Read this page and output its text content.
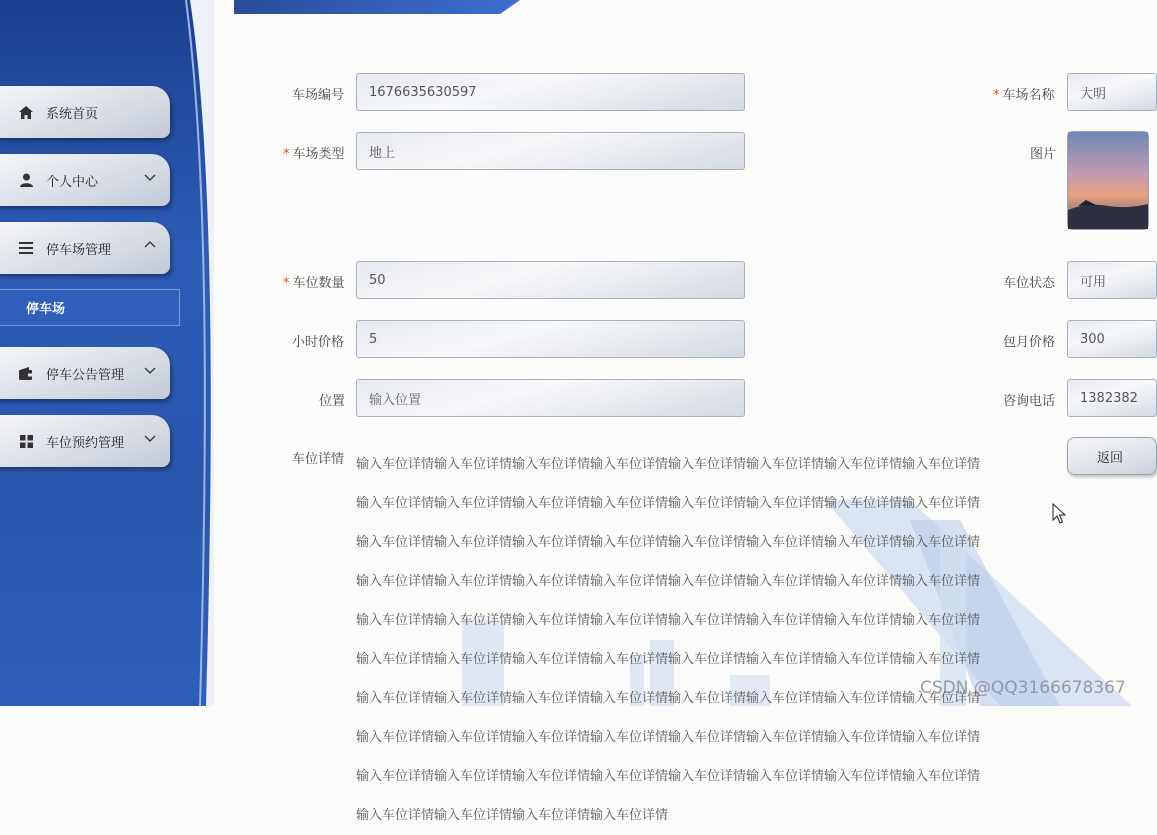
系统首页
个人中心
停车场管理
停车场
停车公告管理
车位预约管理
车场编号 1676635630597	* 车场名称 大明
* 车场类型 地上	图片
* 车位数量 50	车位状态 可用
小时价格 5	包月价格 300
位置 输入位置	咨询电话 1382382
车位详情 输入车位详情输入车位详情输入车位详情输入车位详情输入车位详情输入车位详情输入车位详情输入车位详情输入车位详情输入车位详情输入车位详情输入车位详情输入车位详情输入车位详情输入车位详情输入车位详情输入车位详情输入车位详情输入车位详情输入车位详情输入车位详情输入车位详情输入车位详情输入车位详情输入车位详情输入车位详情输入车位详情输入车位详情输入车位详情输入车位详情输入车位详情输入车位详情输入车位详情输入车位详情输入车位详情输入车位详情输入车位详情输入车位详情输入车位详情输入车位详情输入车位详情输入车位详情输入车位详情输入车位详情输入车位详情输入车位详情输入车位详情输入车位详情输入车位详情输入车位详情输入车位详情输入车位详情输入车位详情输入车位详情输入车位详情输入车位详情输入车位详情输入车位详情输入车位详情输入车位详情输入车位详情输入车位详情输入车位详情输入车位详情输入车位详情输入车位详情输入车位详情输入车位详情输入车位详情输入车位详情输入车位详情输入车位详情输入车位详情输入车位详情输入车位详情输入车位详情
返回
CSDN @QQ3166678367
